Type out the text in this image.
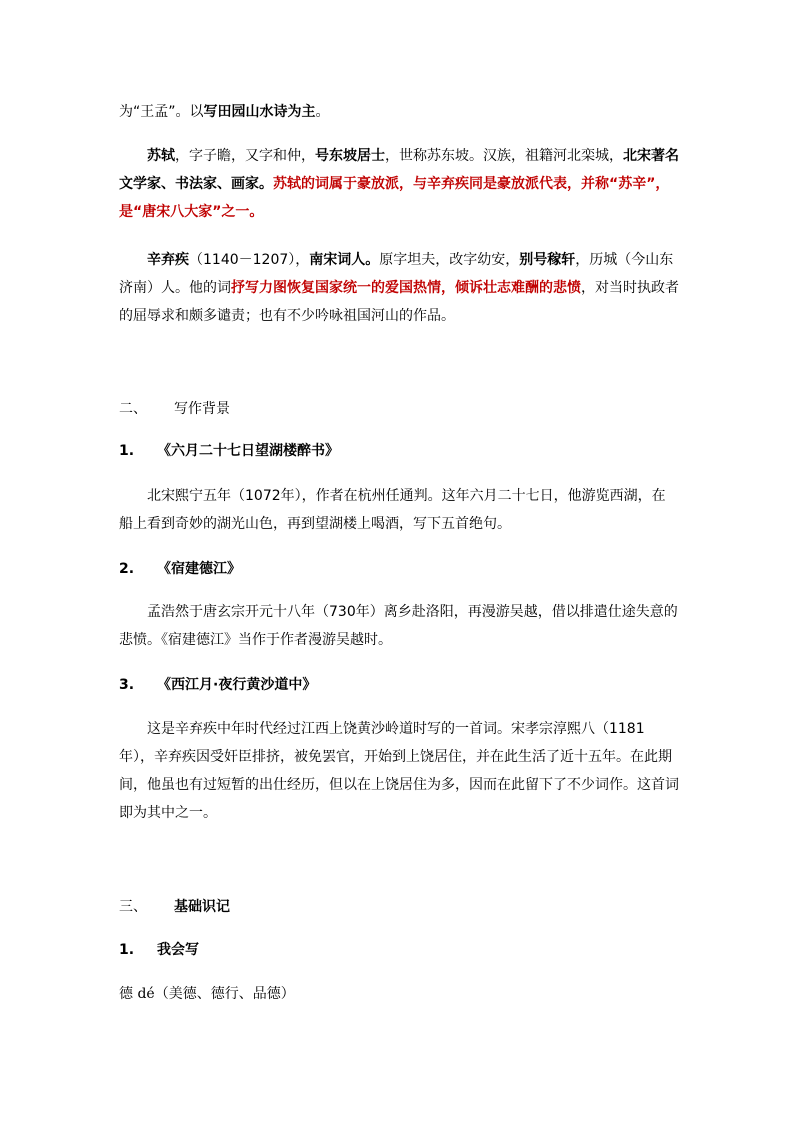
为“王孟”。以写田园山水诗为主。

苏轼，字子瞻，又字和仲，号东坡居士，世称苏东坡。汉族，祖籍河北栾城，北宋著名文学家、书法家、画家。苏轼的词属于豪放派，与辛弃疾同是豪放派代表，并称“苏辛”，是“唐宋八大家”之一。

辛弃疾（1140－1207），南宋词人。原字坦夫，改字幼安，别号稼轩，历城（今山东济南）人。他的词抒写力图恢复国家统一的爱国热情，倾诉壮志难酬的悲愤，对当时执政者的屈辱求和颇多谴责；也有不少吟咏祖国河山的作品。

二、 写作背景
1. 《六月二十七日望湖楼醉书》

北宋熙宁五年（1072年），作者在杭州任通判。这年六月二十七日，他游览西湖，在船上看到奇妙的湖光山色，再到望湖楼上喝酒，写下五首绝句。

2. 《宿建德江》

孟浩然于唐玄宗开元十八年（730年）离乡赴洛阳，再漫游吴越，借以排遣仕途失意的悲愤。《宿建德江》当作于作者漫游吴越时。

3. 《西江月·夜行黄沙道中》

这是辛弃疾中年时代经过江西上饶黄沙岭道时写的一首词。宋孝宗淳熙八（1181年），辛弃疾因受奸臣排挤，被免罢官，开始到上饶居住，并在此生活了近十五年。在此期间，他虽也有过短暂的出仕经历，但以在上饶居住为多，因而在此留下了不少词作。这首词即为其中之一。

三、 基础识记
1. 我会写
德 dé（美德、德行、品德）
